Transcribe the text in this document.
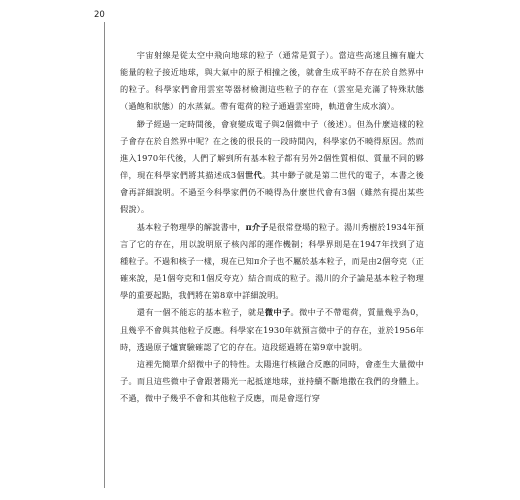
20

宇宙射線是從太空中飛向地球的粒子（通常是質子）。當這些高速且擁有龐大能量的粒子接近地球，與大氣中的原子相撞之後，就會生成平時不存在於自然界中的粒子。科學家們會用雲室等器材檢測這些粒子的存在（雲室是充滿了特殊狀態（過飽和狀態）的水蒸氣。帶有電荷的粒子通過雲室時，軌道會生成水滴）。

緲子經過一定時間後，會衰變成電子與2個微中子（後述）。但為什麼這樣的粒子會存在於自然界中呢？在之後的很長的一段時間內，科學家仍不曉得原因。然而進入1970年代後，人們了解到所有基本粒子都有另外2個性質相似、質量不同的夥伴，現在科學家們將其描述成3個世代。其中緲子就是第二世代的電子，本書之後會再詳細說明。不過至今科學家們仍不曉得為什麼世代會有3個（雖然有提出某些假說）。

基本粒子物理學的解說書中，π介子是很常登場的粒子。湯川秀樹於1934年預言了它的存在，用以說明原子核內部的運作機制；科學界則是在1947年找到了這種粒子。不過和核子一樣，現在已知π介子也不屬於基本粒子，而是由2個夸克（正確來說，是1個夸克和1個反夸克）結合而成的粒子。湯川的介子論是基本粒子物理學的重要起點，我們將在第8章中詳細說明。

還有一個不能忘的基本粒子，就是微中子。微中子不帶電荷，質量幾乎為0，且幾乎不會與其他粒子反應。科學家在1930年就預言微中子的存在，並於1956年時，透過原子爐實驗確認了它的存在。這段經過將在第9章中說明。

這裡先簡單介紹微中子的特性。太陽進行核融合反應的同時，會產生大量微中子。而且這些微中子會跟著陽光一起抵達地球，並持續不斷地撒在我們的身體上。不過，微中子幾乎不會和其他粒子反應，而是會逕行穿
